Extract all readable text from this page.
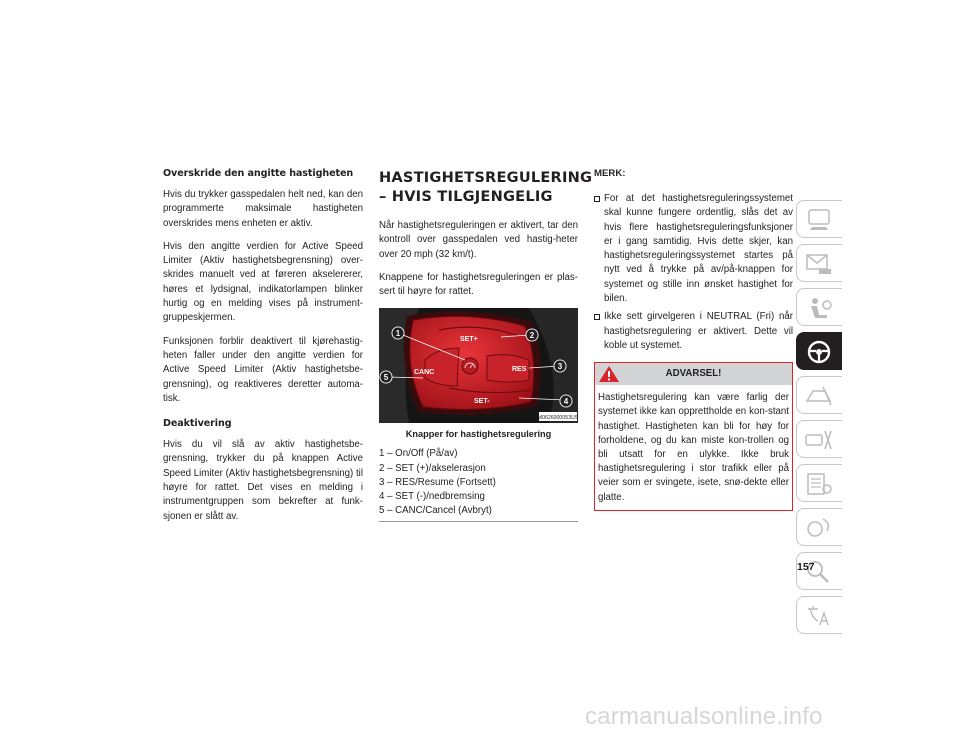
Overskride den angitte hastigheten

Hvis du trykker gasspedalen helt ned, kan den programmerte maksimale hastigheten overskrides mens enheten er aktiv.

Hvis den angitte verdien for Active Speed Limiter (Aktiv hastighetsbegrensning) over-skrides manuelt ved at føreren akselererer, høres et lydsignal, indikatorlampen blinker hurtig og en melding vises på instrument-gruppeskjermen.

Funksjonen forblir deaktivert til kjørehastig-heten faller under den angitte verdien for Active Speed Limiter (Aktiv hastighetsbe-grensning), og reaktiveres deretter automa-tisk.

Deaktivering

Hvis du vil slå av aktiv hastighetsbe-grensning, trykker du på knappen Active Speed Limiter (Aktiv hastighetsbegrensning) til høyre for rattet. Det vises en melding i instrumentgruppen som bekrefter at funk-sjonen er slått av.

HASTIGHETSREGULERING – HVIS TILGJENGELIG

Når hastighetsreguleringen er aktivert, tar den kontroll over gasspedalen ved hastig-heter over 20 mph (32 km/t).

Knappene for hastighetsreguleringen er plas-sert til høyre for rattet.

SET+
RES
CANC
SET-
1	2
3
4
5
M0626000053US
Knapper for hastighetsregulering
1 – On/Off (På/av)
2 – SET (+)/akselerasjon
3 – RES/Resume (Fortsett)
4 – SET (-)/nedbremsing
5 – CANC/Cancel (Avbryt)
MERK:
For at det hastighetsreguleringssystemet skal kunne fungere ordentlig, slås det av hvis flere hastighetsreguleringsfunksjoner er i gang samtidig. Hvis dette skjer, kan hastighetsreguleringssystemet startes på nytt ved å trykke på av/på-knappen for systemet og stille inn ønsket hastighet for bilen.
Ikke sett girvelgeren i NEUTRAL (Fri) når hastighetsregulering er aktivert. Dette vil koble ut systemet.
ADVARSEL!
Hastighetsregulering kan være farlig der systemet ikke kan opprettholde en kon-stant hastighet. Hastigheten kan bli for høy for forholdene, og du kan miste kon-trollen og bli utsatt for en ulykke. Ikke bruk hastighetsregulering i stor trafikk eller på veier som er svingete, isete, snø-dekte eller glatte.
157
carmanualsonline.info
